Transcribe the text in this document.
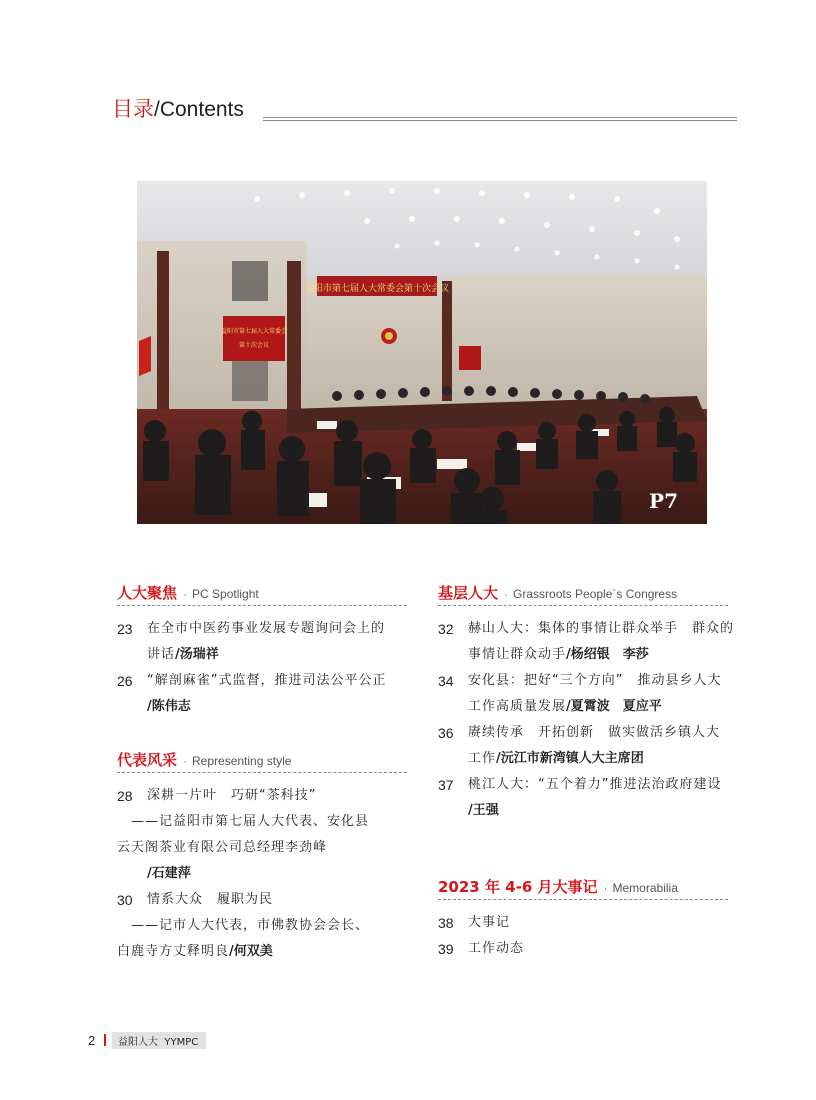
目录/Contents
益阳市第七届人大常委会第十次会议
益阳市第七届人大常委会
第十次会议
P7
人大聚焦	· PC Spotlight
23	在全市中医药事业发展专题询问会上的
讲话/汤瑞祥
26	“解剖麻雀”式监督，推进司法公平公正
/陈伟志
代表风采	· Representing style
28	深耕一片叶　巧研“茶科技”
　——记益阳市第七届人大代表、安化县
云天阁茶业有限公司总经理李劲峰
/石建萍
30	情系大众　履职为民
　——记市人大代表，市佛教协会会长、
白鹿寺方丈释明良/何双美
基层人大	· Grassroots People´s Congress
32	赫山人大：集体的事情让群众举手　群众的
事情让群众动手/杨绍银　李莎
34	安化县：把好“三个方向”　推动县乡人大
工作高质量发展/夏霄波　夏应平
36	赓续传承　开拓创新　做实做活乡镇人大
工作/沅江市新湾镇人大主席团
37	桃江人大：“五个着力”推进法治政府建设
/王强
2023 年 4-6 月大事记	· Memorabilia
38	大事记
39	工作动态
2	益阳人大 YYMPC
